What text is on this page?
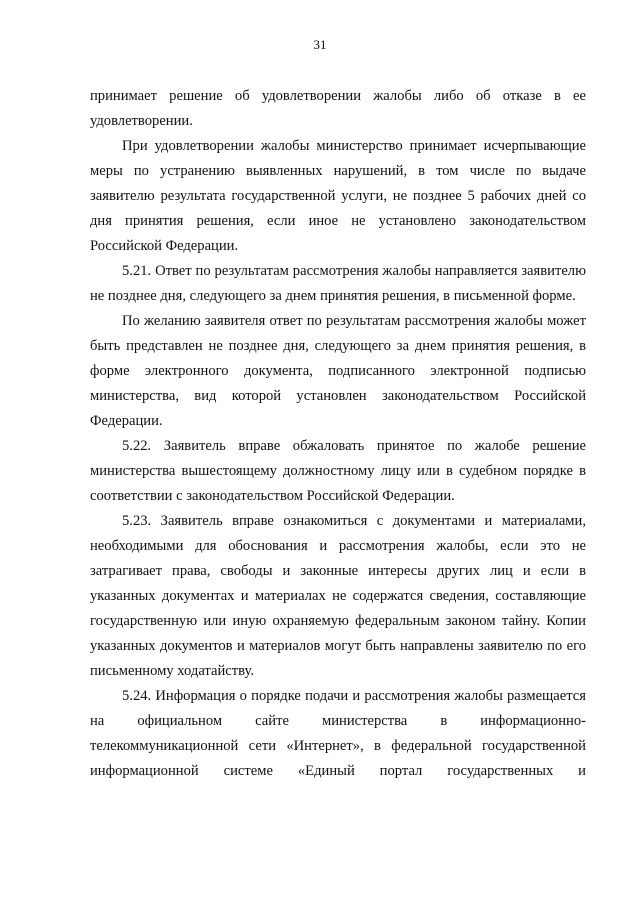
31

принимает решение об удовлетворении жалобы либо об отказе в ее удовлетворении.

При удовлетворении жалобы министерство принимает исчерпывающие меры по устранению выявленных нарушений, в том числе по выдаче заявителю результата государственной услуги, не позднее 5 рабочих дней со дня принятия решения, если иное не установлено законодательством Российской Федерации.

5.21. Ответ по результатам рассмотрения жалобы направляется заявителю не позднее дня, следующего за днем принятия решения, в письменной форме.

По желанию заявителя ответ по результатам рассмотрения жалобы может быть представлен не позднее дня, следующего за днем принятия решения, в форме электронного документа, подписанного электронной подписью министерства, вид которой установлен законодательством Российской Федерации.

5.22. Заявитель вправе обжаловать принятое по жалобе решение министерства вышестоящему должностному лицу или в судебном порядке в соответствии с законодательством Российской Федерации.

5.23. Заявитель вправе ознакомиться с документами и материалами, необходимыми для обоснования и рассмотрения жалобы, если это не затрагивает права, свободы и законные интересы других лиц и если в указанных документах и материалах не содержатся сведения, составляющие государственную или иную охраняемую федеральным законом тайну. Копии указанных документов и материалов могут быть направлены заявителю по его письменному ходатайству.

5.24. Информация о порядке подачи и рассмотрения жалобы размещается на официальном сайте министерства в информационно-телекоммуникационной сети «Интернет», в федеральной государственной информационной системе «Единый портал государственных и
